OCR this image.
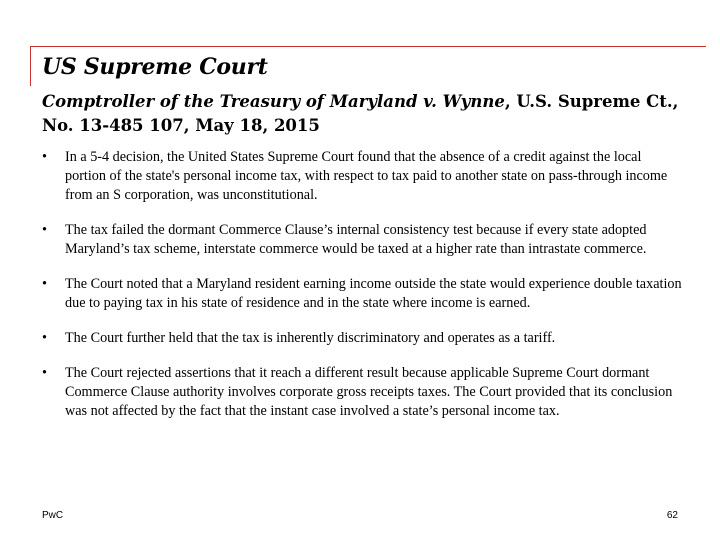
US Supreme Court
Comptroller of the Treasury of Maryland v. Wynne, U.S. Supreme Ct., No. 13-485 107, May 18, 2015
• In a 5-4 decision, the United States Supreme Court found that the absence of a credit against the local portion of the state's personal income tax, with respect to tax paid to another state on pass-through income from an S corporation, was unconstitutional.
• The tax failed the dormant Commerce Clause’s internal consistency test because if every state adopted Maryland’s tax scheme, interstate commerce would be taxed at a higher rate than intrastate commerce.
• The Court noted that a Maryland resident earning income outside the state would experience double taxation due to paying tax in his state of residence and in the state where income is earned.
• The Court further held that the tax is inherently discriminatory and operates as a tariff.
• The Court rejected assertions that it reach a different result because applicable Supreme Court dormant Commerce Clause authority involves corporate gross receipts taxes. The Court provided that its conclusion was not affected by the fact that the instant case involved a state’s personal income tax.
PwC	62
